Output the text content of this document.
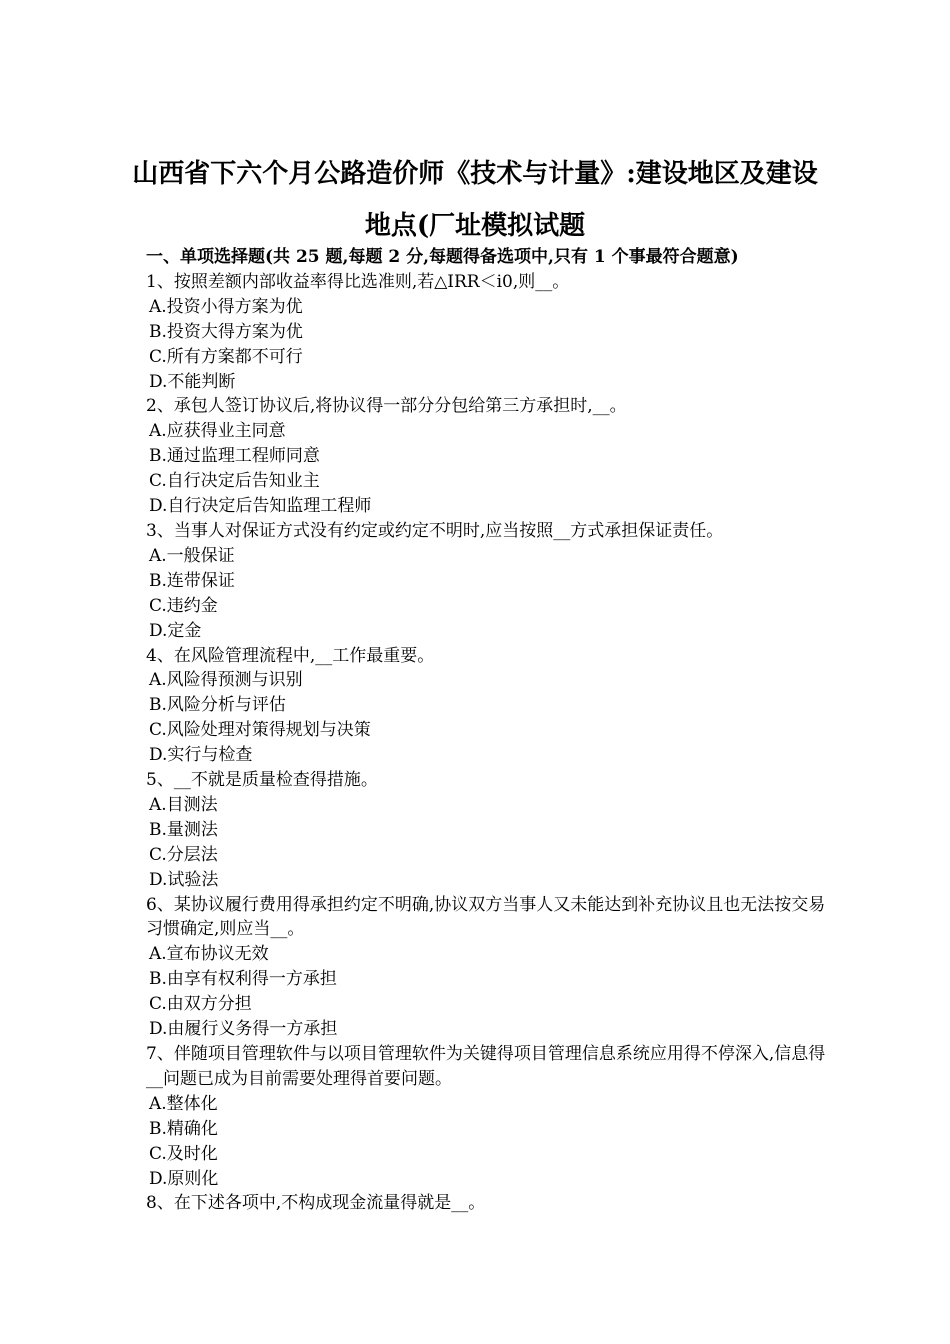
山西省下六个月公路造价师《技术与计量》:建设地区及建设地点(厂址模拟试题
一、单项选择题(共 25 题,每题 2 分,每题得备选项中,只有 1 个事最符合题意)
1、按照差额内部收益率得比选准则,若△IRR＜i0,则__。
A.投资小得方案为优
B.投资大得方案为优
C.所有方案都不可行
D.不能判断
2、承包人签订协议后,将协议得一部分分包给第三方承担时,__。
A.应获得业主同意
B.通过监理工程师同意
C.自行决定后告知业主
D.自行决定后告知监理工程师
3、当事人对保证方式没有约定或约定不明时,应当按照__方式承担保证责任。
A.一般保证
B.连带保证
C.违约金
D.定金
4、在风险管理流程中,__工作最重要。
A.风险得预测与识别
B.风险分析与评估
C.风险处理对策得规划与决策
D.实行与检查
5、__不就是质量检查得措施。
A.目测法
B.量测法
C.分层法
D.试验法
6、某协议履行费用得承担约定不明确,协议双方当事人又未能达到补充协议且也无法按交易习惯确定,则应当__。
A.宣布协议无效
B.由享有权利得一方承担
C.由双方分担
D.由履行义务得一方承担
7、伴随项目管理软件与以项目管理软件为关键得项目管理信息系统应用得不停深入,信息得__问题已成为目前需要处理得首要问题。
A.整体化
B.精确化
C.及时化
D.原则化
8、在下述各项中,不构成现金流量得就是__。
